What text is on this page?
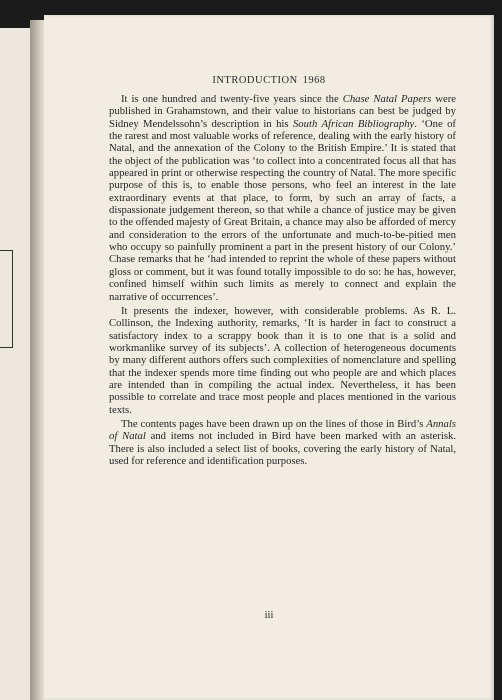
INTRODUCTION 1968

It is one hundred and twenty-five years since the Chase Natal Papers were published in Grahamstown, and their value to historians can best be judged by Sidney Mendelssohn’s description in his South African Bibliography. ‘One of the rarest and most valuable works of reference, dealing with the early history of Natal, and the annexation of the Colony to the British Empire.’ It is stated that the object of the publication was ‘to collect into a concentrated focus all that has appeared in print or otherwise respecting the country of Natal. The more specific purpose of this is, to enable those persons, who feel an interest in the late extraordinary events at that place, to form, by such an array of facts, a dispassionate judgement thereon, so that while a chance of justice may be given to the offended majesty of Great Britain, a chance may also be afforded of mercy and consideration to the errors of the unfortunate and much-to-be-pitied men who occupy so painfully prominent a part in the present history of our Colony.’ Chase remarks that he ‘had intended to reprint the whole of these papers without gloss or comment, but it was found totally impossible to do so: he has, however, confined himself within such limits as merely to connect and explain the narrative of occurrences’.

It presents the indexer, however, with considerable problems. As R. L. Collinson, the Indexing authority, remarks, ‘It is harder in fact to construct a satisfactory index to a scrappy book than it is to one that is a solid and workmanlike survey of its subjects’. A collection of heterogeneous documents by many different authors offers such complexities of nomenclature and spelling that the indexer spends more time finding out who people are and which places are intended than in compiling the actual index. Nevertheless, it has been possible to correlate and trace most people and places mentioned in the various texts.

The contents pages have been drawn up on the lines of those in Bird’s Annals of Natal and items not included in Bird have been marked with an asterisk. There is also included a select list of books, covering the early history of Natal, used for reference and identification purposes.

iii
